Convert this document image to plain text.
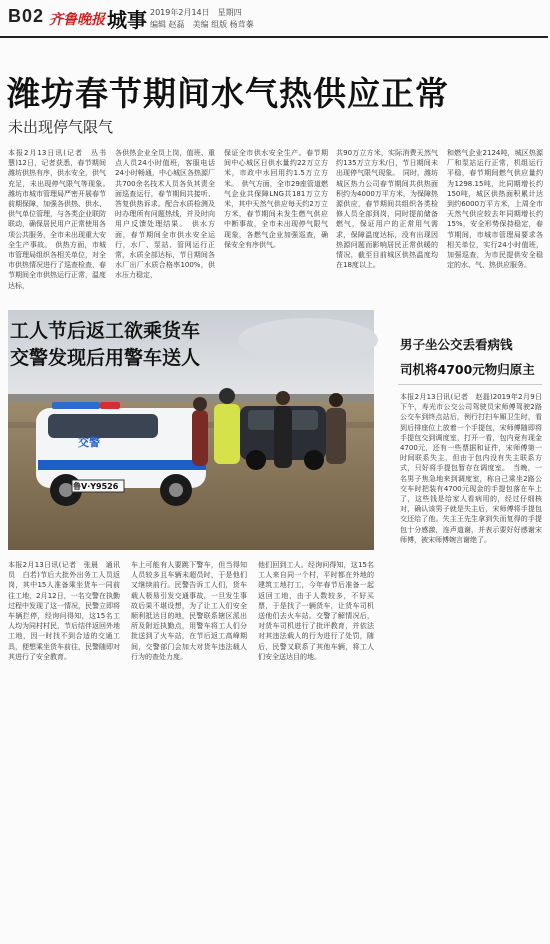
B02 齐鲁晚报 城事 2019年2月14日　星期四
编辑 赵磊　美编 组版 杨茸蓁
潍坊春节期间水气热供应正常
未出现停气限气

本报2月13日讯(记者　丛书慧)12日，记者获悉，春节期间潍坊供热有序，供水安全，供气充足，未出现停气限气等现象。　潍坊市城市管理局严密开展春节前期保障，加强各供热、供水、供气单位管理，与各类企业联防联动，确保居民用户正常使用各项公共服务，全市未出现重大安全生产事故。　供热方面，市城市管理局组织各相关单位，对全市供热情况进行了巡查检查，春节期间全市供热运行正常，温度达标，

各供热企业全员上岗，值班、重点人员24小时值班，客服电话24小时畅通，中心城区各热源厂共700余名技术人员各负其责全面巡查运行，春节期间共接听、答复供热诉求。配合水质检测及时办理所有问题热线，并及时向用户反馈处理结果。　供水方面，春节期间全市供水安全运行，水厂、泵站、管网运行正常，水质全部达标，节日期间各水厂出厂水质合格率100%，供水压力稳定，

保证全市供水安全生产。春节期间中心城区日供水量约22万立方米，市政中水回用约1.5万立方米。　供气方面，全市29座管道燃气企业共保障LNG共181万立方米，其中天然气供应每天约2万立方米，春节期间未发生燃气供应中断事故，全市未出现停气限气现象，各燃气企业加强巡查，确保安全有序供气。

共90万立方米，实际消费天然气约135万立方米/日，节日期间未出现停气限气现象。　同时，潍坊城区热力公司春节期间共供热面积约为4000万平方米，为保障热源供应，春节期间共组织各类检修人员全部到岗，同时提前储备燃气，保证用户的正常用气需求，保障温度达标，没有出现因热源问题而影响居民正常供暖的情况，截至目前城区供热温度均在18度以上。

和燃气企业2124吨，城区热源厂和泵站运行正常，机组运行平稳，春节期间燃气供应量约为1298.15吨，比同期增长约150吨，城区供热面积累计达到约6000万平方米，上周全市天然气供应较去年同期增长约15%，安全形势保持稳定，春节期间，市城市管理局要求各相关单位，实行24小时值班，加强巡查，为市民提供安全稳定的水、气、热供应服务。

交警
鲁V·Y9526
工人节后返工欲乘货车
交警发现后用警车送人

本报2月13日讯(记者　张晨　通讯员　白若)节后大批外出务工人员返岗，其中15人准备乘坐货车一同前往工地，2月12日，一名交警在执勤过程中发现了这一情况，民警立即将车辆拦停，经询问得知，这15名工人均为同村村民，节后结伴返回外地工地，因一时找不到合适的交通工具，便想乘坐货车前往，民警随即对其进行了安全教育。

车上可能有人要跳下警车，但当得知人员较多且车辆未超员时，于是他们又继续前行。民警告诉工人们，货车载人极易引发交通事故，一旦发生事故后果不堪设想，为了让工人们安全顺利抵达目的地，民警联系辖区派出所及附近执勤点，用警车将工人们分批送到了火车站，在节后返工高峰期间，交警部门会加大对货车违法载人行为的查处力度。

他们回到工人。经询问得知，这15名工人来自同一个村，平时都在外地的建筑工地打工，今年春节后准备一起返回工地，由于人数较多，不好买票，于是找了一辆货车，让货车司机送他们去火车站。交警了解情况后，对货车司机进行了批评教育，并依法对其违法载人的行为进行了处罚，随后，民警又联系了其他车辆，将工人们安全送达目的地。

男子坐公交丢看病钱
司机将4700元物归原主

本报2月13日讯(记者　赵磊)2019年2月9日下午，寿光市公交公司驾驶员宋师傅驾驶2路公交车到终点站后，例行打扫车厢卫生时，看到后排座位上放着一个手提包，宋师傅随即将手提包交到调度室，打开一看，包内竟有现金4700元，还有一些票据和证件，宋师傅第一时间联系失主，但由于包内没有失主联系方式，只好将手提包暂存在调度室。　当晚，一名男子焦急地来到调度室，称自己乘坐2路公交车时把装有4700元现金的手提包落在车上了，这些钱是给家人看病用的，经过仔细核对，确认该男子就是失主后，宋师傅将手提包交还给了他。失主王先生拿到失而复得的手提包十分感激，连声道谢，并表示要好好感谢宋师傅，被宋师傅婉言谢绝了。
